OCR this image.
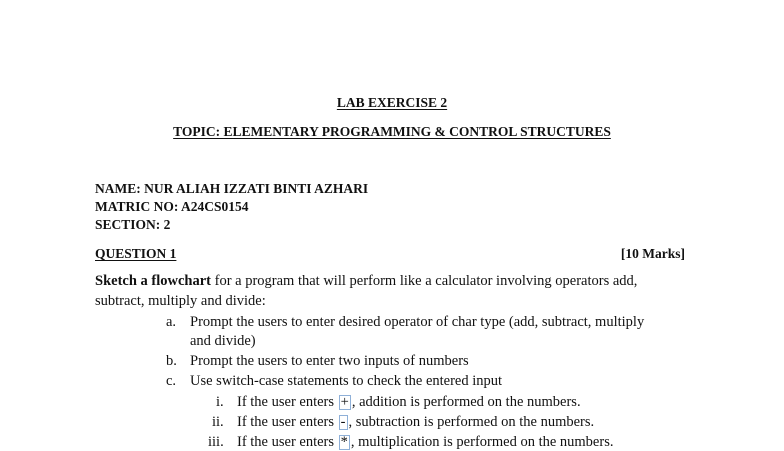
LAB EXERCISE 2
TOPIC: ELEMENTARY PROGRAMMING & CONTROL STRUCTURES
NAME: NUR ALIAH IZZATI BINTI AZHARI
MATRIC NO: A24CS0154
SECTION: 2
QUESTION 1	[10 Marks]
Sketch a flowchart for a program that will perform like a calculator involving operators add,
subtract, multiply and divide:
a. Prompt the users to enter desired operator of char type (add, subtract, multiply
and divide)
b. Prompt the users to enter two inputs of numbers
c. Use switch-case statements to check the entered input
i. If the user enters + , addition is performed on the numbers.
ii. If the user enters - , subtraction is performed on the numbers.
iii. If the user enters * , multiplication is performed on the numbers.
